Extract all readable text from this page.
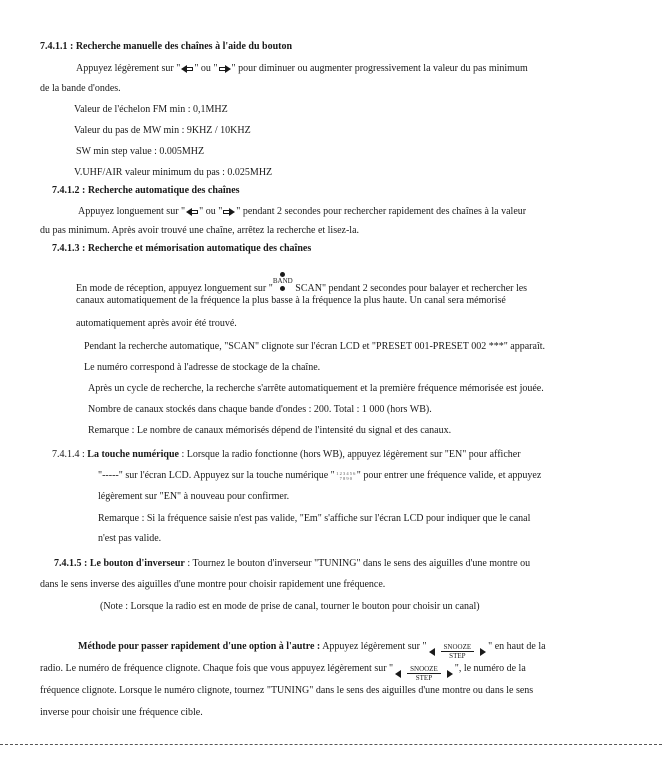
7.4.1.1 : Recherche manuelle des chaînes à l'aide du bouton
Appuyez légèrement sur " " ou " " pour diminuer ou augmenter progressivement la valeur du pas minimum
de la bande d'ondes.
Valeur de l'échelon FM min : 0,1MHZ
Valeur du pas de MW min : 9KHZ / 10KHZ
SW min step value : 0.005MHZ
V.UHF/AIR valeur minimum du pas : 0.025MHZ
7.4.1.2 : Recherche automatique des chaînes
Appuyez longuement sur " " ou " " pendant 2 secondes pour rechercher rapidement des chaînes à la valeur
du pas minimum. Après avoir trouvé une chaîne, arrêtez la recherche et lisez-la.
7.4.1.3 : Recherche et mémorisation automatique des chaînes
En mode de réception, appuyez longuement sur "
BAND
SCAN" pendant 2 secondes pour balayer et rechercher les
canaux automatiquement de la fréquence la plus basse à la fréquence la plus haute. Un canal sera mémorisé
automatiquement après avoir été trouvé.
Pendant la recherche automatique, "SCAN" clignote sur l'écran LCD et "PRESET 001-PRESET 002 ***" apparaît.
Le numéro correspond à l'adresse de stockage de la chaîne.
Après un cycle de recherche, la recherche s'arrête automatiquement et la première fréquence mémorisée est jouée.
Nombre de canaux stockés dans chaque bande d'ondes : 200. Total : 1 000 (hors WB).
Remarque : Le nombre de canaux mémorisés dépend de l'intensité du signal et des canaux.
7.4.1.4 : La touche numérique : Lorsque la radio fonctionne (hors WB), appuyez légèrement sur "EN" pour afficher
"-----" sur l'écran LCD. Appuyez sur la touche numérique "1 2 3 4 5 6 7 8 9 0 " pour entrer une fréquence valide, et appuyez
légèrement sur "EN" à nouveau pour confirmer.
Remarque : Si la fréquence saisie n'est pas valide, "Em" s'affiche sur l'écran LCD pour indiquer que le canal
n'est pas valide.
7.4.1.5 : Le bouton d'inverseur : Tournez le bouton d'inverseur "TUNING" dans le sens des aiguilles d'une montre ou
dans le sens inverse des aiguilles d'une montre pour choisir rapidement une fréquence.
(Note : Lorsque la radio est en mode de prise de canal, tourner le bouton pour choisir un canal)
Méthode pour passer rapidement d'une option à l'autre : Appuyez légèrement sur "	SNOOZE
STEP
" en haut de la
radio. Le numéro de fréquence clignote. Chaque fois que vous appuyez légèrement sur "	SNOOZE
STEP
", le numéro de la
fréquence clignote. Lorsque le numéro clignote, tournez "TUNING" dans le sens des aiguilles d'une montre ou dans le sens
inverse pour choisir une fréquence cible.
